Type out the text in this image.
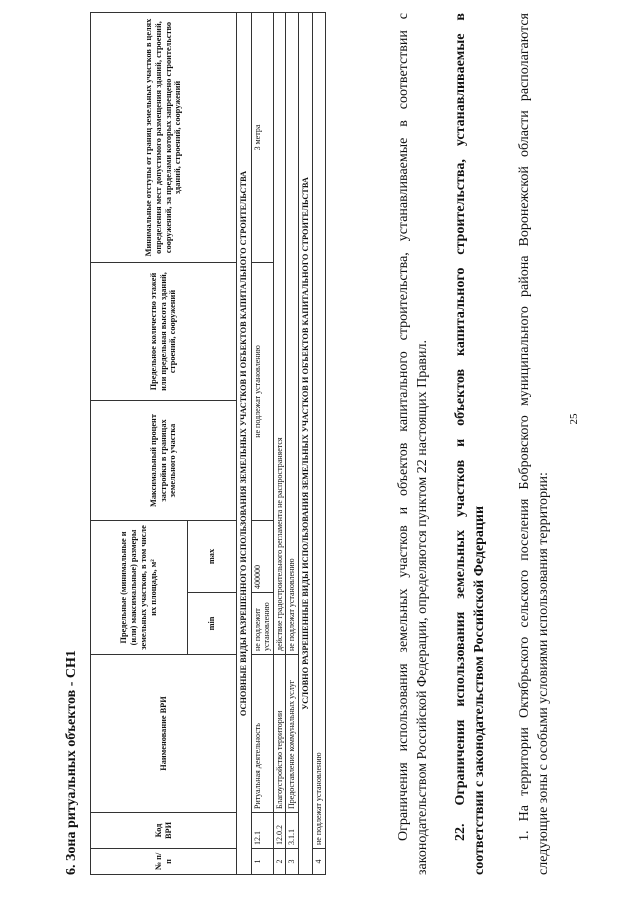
25
6. Зона ритуальных объектов - СН1	№ п/п	Код ВРИ	Наименование ВРИ	Предельные (минимальные и (или) максимальные) размеры земельных участков, в том числе их площадь, м²		Максимальный процент застройки в границах земельного участка	Предельное количество этажей или предельная высота зданий, строений, сооружений	Минимальные отступы от границ земельных участков в целях определения мест допустимого размещения зданий, строений, сооружений, за пределами которых запрещено строительство зданий, строений, сооружений
			min	max			
ОСНОВНЫЕ ВИДЫ РАЗРЕШЕННОГО ИСПОЛЬЗОВАНИЯ ЗЕМЕЛЬНЫХ УЧАСТКОВ И ОБЪЕКТОВ КАПИТАЛЬНОГО СТРОИТЕЛЬСТВА							
1	12.1	Ритуальная деятельность	не подлежит установлению	400000	не подлежат установлению		3 метра
2	12.0.2	Благоустройство территории	действие градостроительного регламента не распространяется				
3	3.1.1	Предоставление коммунальных услуг	не подлежат установлению				
УСЛОВНО РАЗРЕШЕННЫЕ ВИДЫ ИСПОЛЬЗОВАНИЯ ЗЕМЕЛЬНЫХ УЧАСТКОВ И ОБЪЕКТОВ КАПИТАЛЬНОГО СТРОИТЕЛЬСТВА							
4	не подлежат установлению							Ограничения использования земельных участков и объектов капитального строительства, устанавливаемые в соответствии с законодательством Российской Федерации, определяются пунктом 22 настоящих Правил. 22.Ограничения использования земельных участков и объектов капитального строительства, устанавливаемые в соответствии с законодательством Российской Федерации 1. На территории Октябрьского сельского поселения Бобровского муниципального района Воронежской области располагаются следующие зоны с особыми условиями использования территории:
